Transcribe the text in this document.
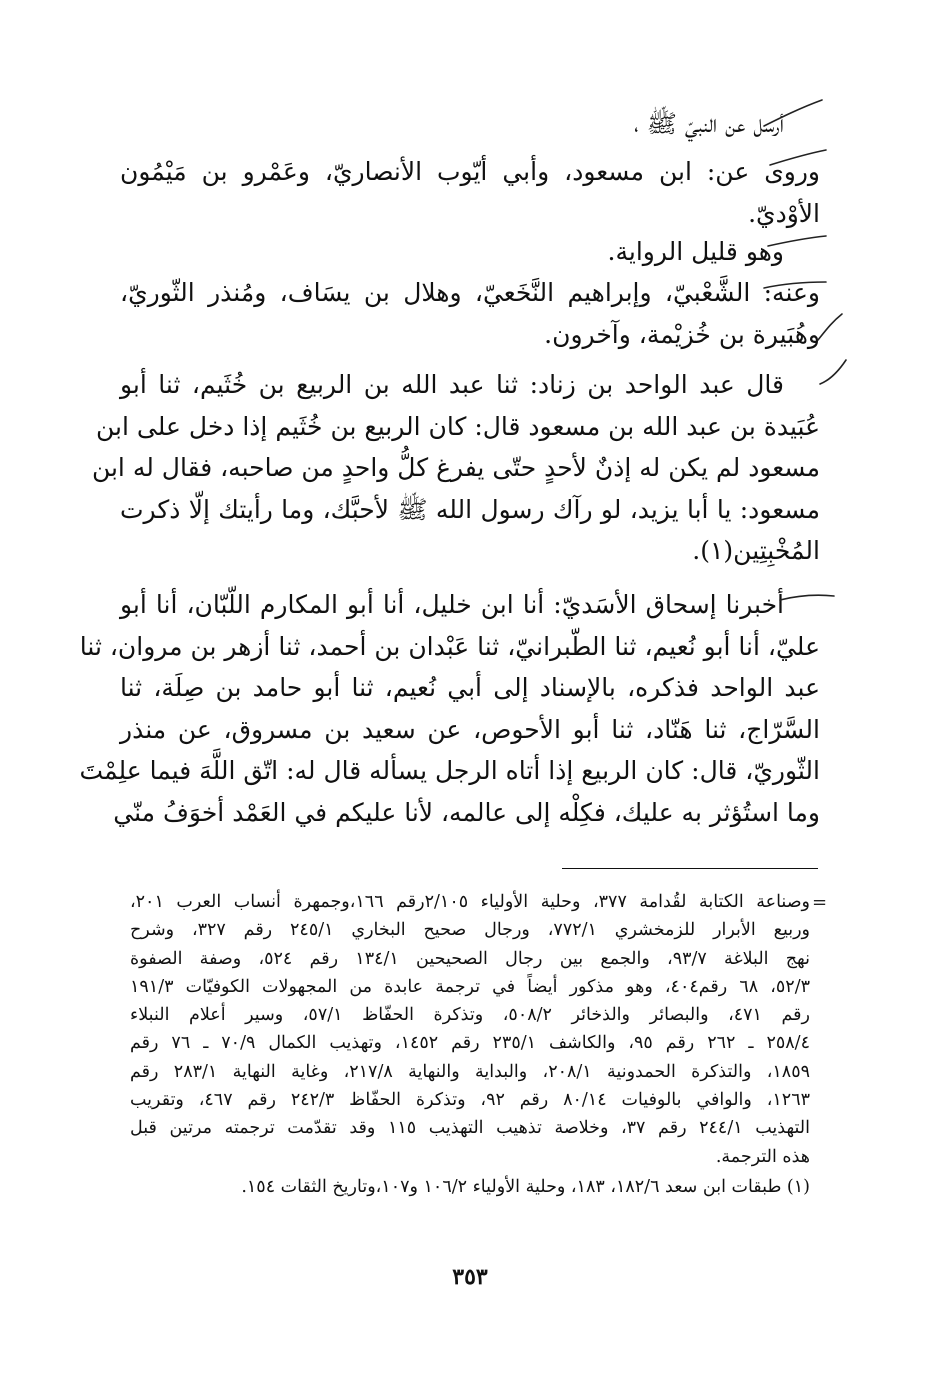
أرسل عن النبيّ ﷺ ،
وروى عن: ابن مسعود، وأبي أيّوب الأنصاريّ، وعَمْرو بن مَيْمُون
الأوْديّ.
وهو قليل الرواية.
وعنه: الشَّعْبيّ، وإبراهيم النَّخَعيّ، وهلال بن يسَاف، ومُنذر الثّوريّ،
وهُبَيرة بن خُزيْمة، وآخرون.
قال عبد الواحد بن زناد: ثنا عبد الله بن الربيع بن خُثَيم، ثنا أبو
عُبَيدة بن عبد الله بن مسعود قال: كان الربيع بن خُثَيم إذا دخل على ابن
مسعود لم يكن له إذنٌ لأحدٍ حتّى يفرغ كلُّ واحدٍ من صاحبه، فقال له ابن
مسعود: يا أبا يزيد، لو رآك رسول الله ﷺ لأحبَّك، وما رأيتك إلّا ذكرت
المُخْبِتِين(١).
أخبرنا إسحاق الأسَديّ: أنا ابن خليل، أنا أبو المكارم اللّبّان، أنا أبو
عليّ، أنا أبو نُعيم، ثنا الطّبرانيّ، ثنا عَبْدان بن أحمد، ثنا أزهر بن مروان، ثنا
عبد الواحد فذكره، بالإسناد إلى أبي نُعيم، ثنا أبو حامد بن صِلَة، ثنا
السَّرّاج، ثنا هَنّاد، ثنا أبو الأحوص، عن سعيد بن مسروق، عن منذر
الثّوريّ، قال: كان الربيع إذا أتاه الرجل يسأله قال له: اتّق اللَّهَ فيما علِمْتَ
وما استُؤثر به عليك، فكِلْه إلى عالمه، لأنا عليكم في العَمْد أخوَفُ منّي
=
وصناعة الكتابة لقُدامة ٣٧٧، وحلية الأولياء ٢/١٠٥رقم ١٦٦،وجمهرة أنساب العرب ٢٠١،
وربيع الأبرار للزمخشري ٧٧٢/١، ورجال صحيح البخاري ٢٤٥/١ رقم ٣٢٧، وشرح
نهج البلاغة ٩٣/٧، والجمع بين رجال الصحيحين ١٣٤/١ رقم ٥٢٤، وصفة الصفوة
٥٢/٣، ٦٨ رقم٤٠٤، وهو مذكور أيضاً في ترجمة عابدة من المجهولات الكوفيّات ١٩١/٣
رقم ٤٧١، والبصائر والذخائر ٥٠٨/٢، وتذكرة الحفّاظ ٥٧/١، وسير أعلام النبلاء
٢٥٨/٤ ـ ٢٦٢ رقم ٩٥، والكاشف ٢٣٥/١ رقم ١٤٥٢، وتهذيب الكمال ٧٠/٩ ـ ٧٦ رقم
١٨٥٩، والتذكرة الحمدونية ٢٠٨/١، والبداية والنهاية ٢١٧/٨، وغاية النهاية ٢٨٣/١ رقم
١٢٦٣، والوافي بالوفيات ٨٠/١٤ رقم ٩٢، وتذكرة الحفّاظ ٢٤٢/٣ رقم ٤٦٧، وتقريب
التهذيب ٢٤٤/١ رقم ٣٧، وخلاصة تذهيب التهذيب ١١٥ وقد تقدّمت ترجمته مرتين قبل
هذه الترجمة.
(١) طبقات ابن سعد ١٨٢/٦، ١٨٣، وحلية الأولياء ١٠٦/٢ و١٠٧،وتاريخ الثقات ١٥٤.
٣٥٣
